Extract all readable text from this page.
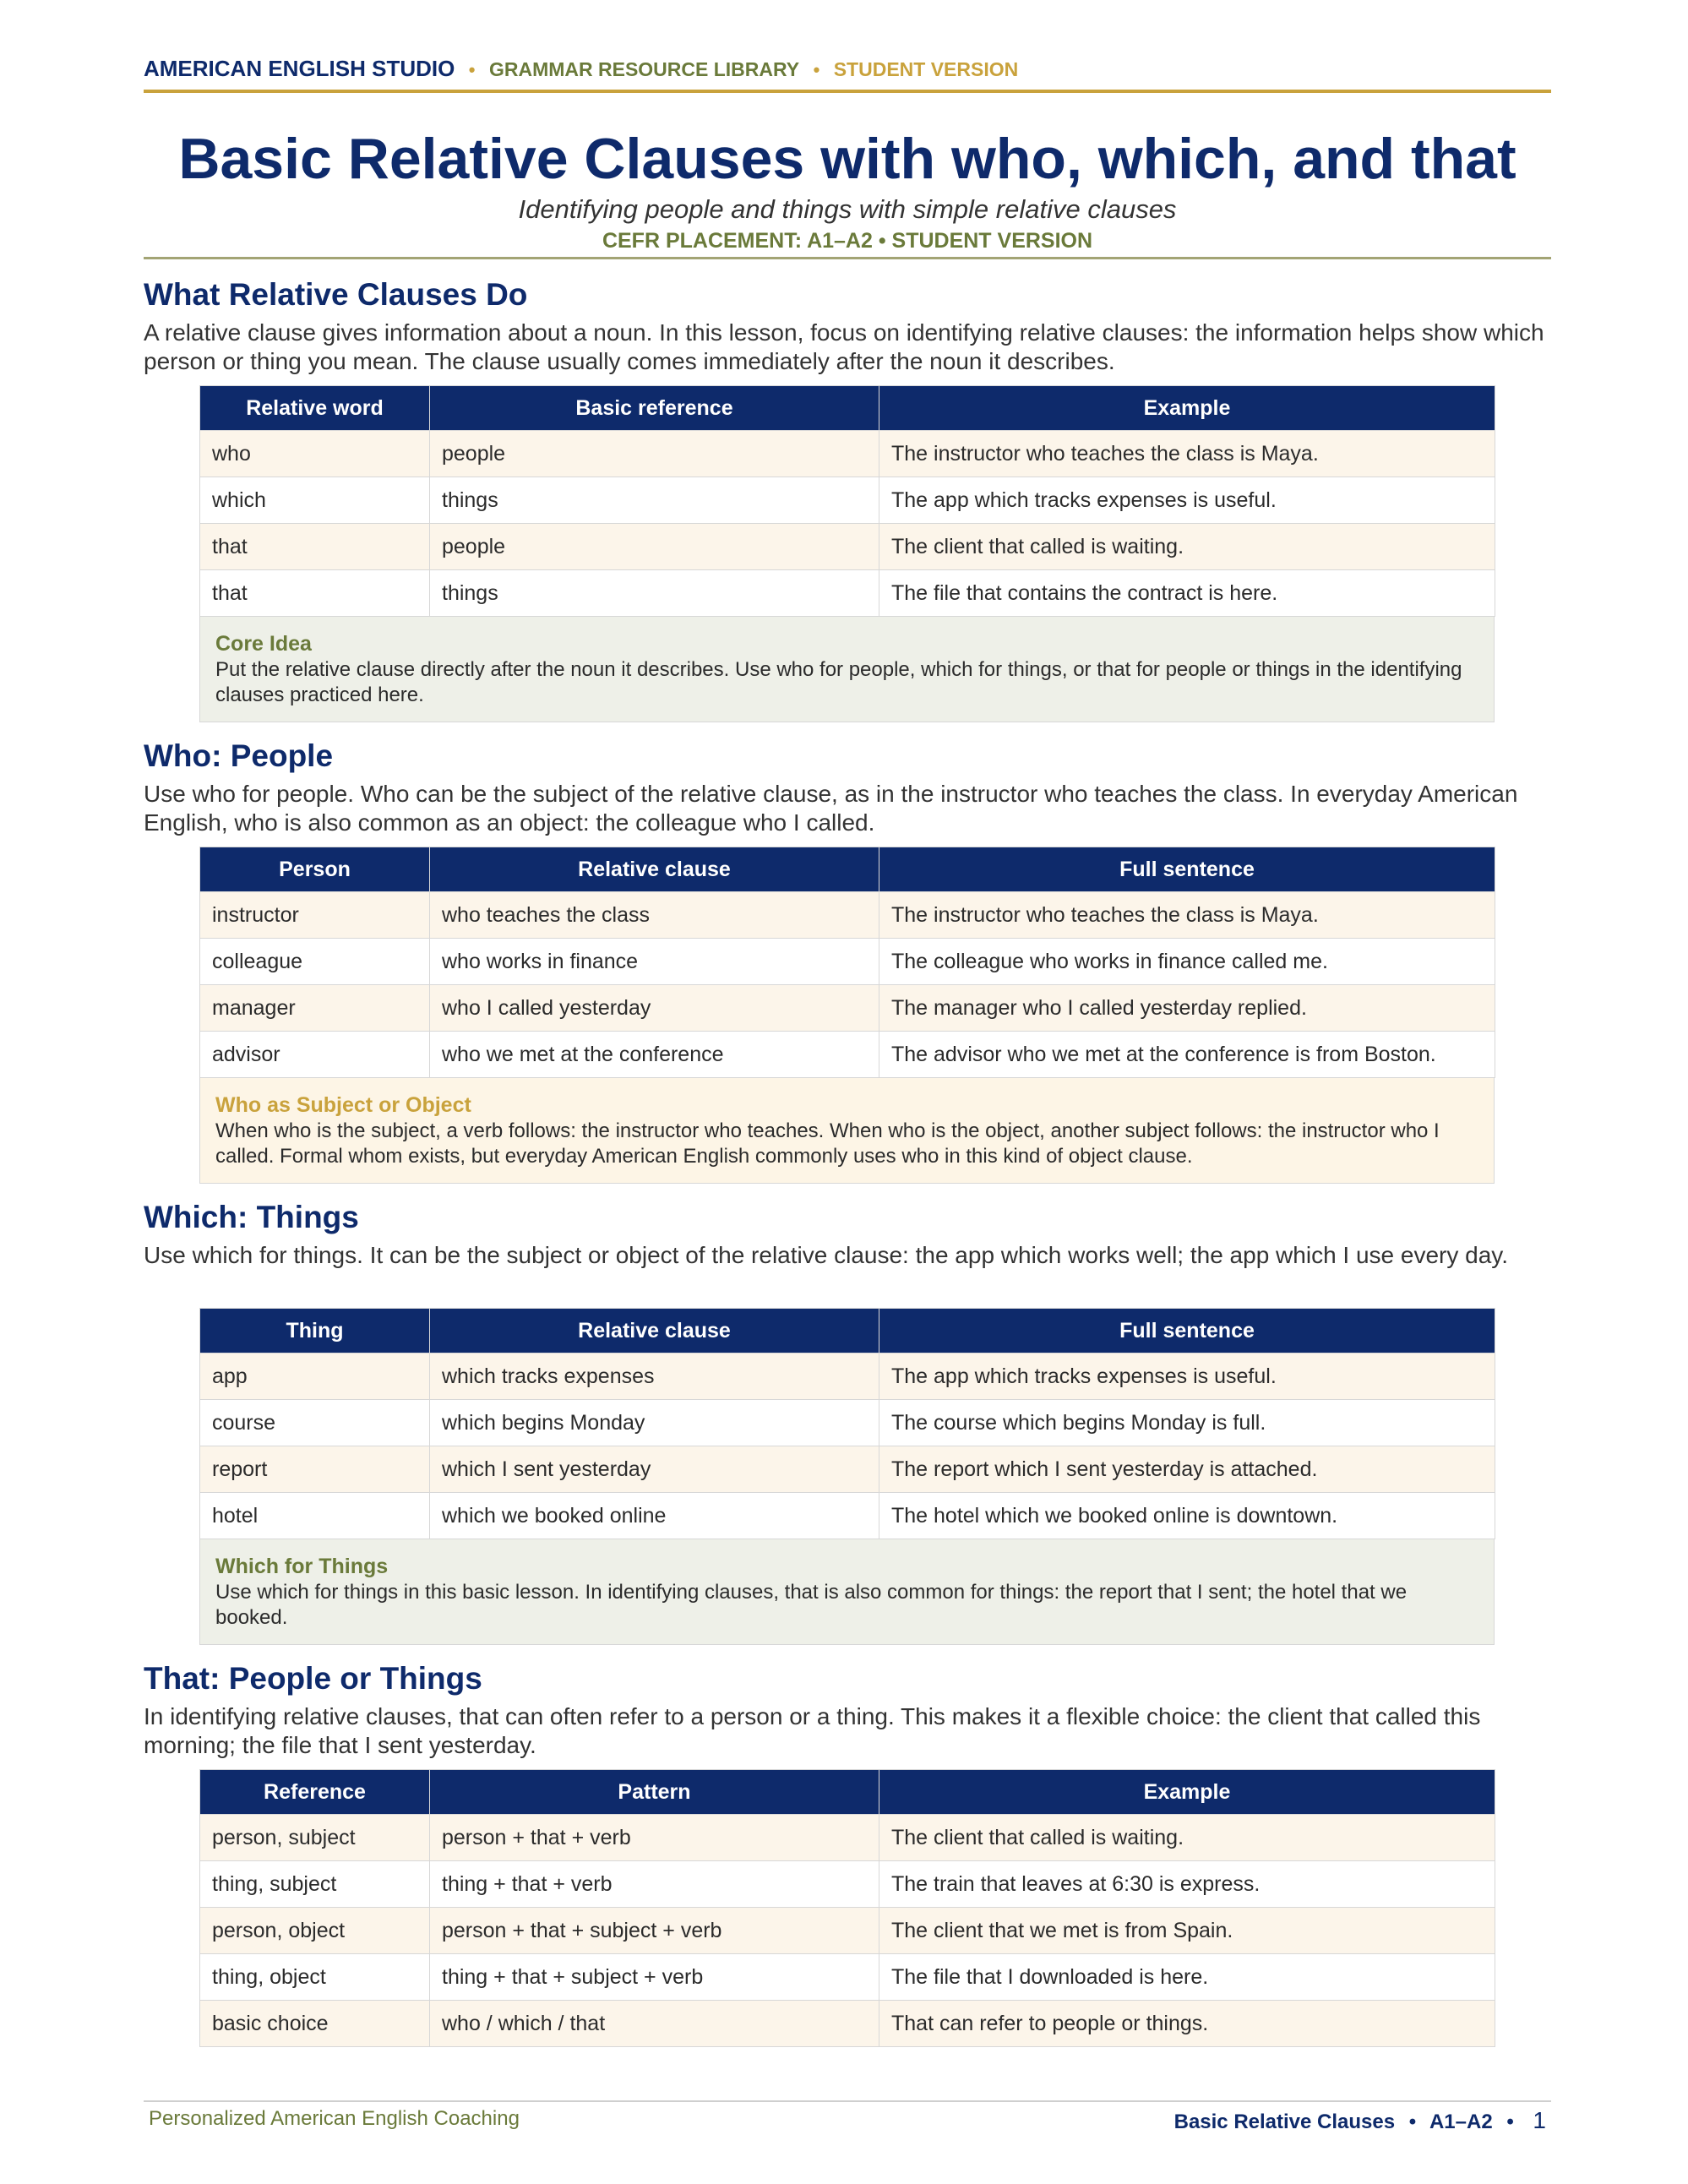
AMERICAN ENGLISH STUDIO • GRAMMAR RESOURCE LIBRARY • STUDENT VERSION
Basic Relative Clauses with who, which, and that
Identifying people and things with simple relative clauses
CEFR PLACEMENT: A1–A2 • STUDENT VERSION
What Relative Clauses Do
A relative clause gives information about a noun. In this lesson, focus on identifying relative clauses: the information helps show which person or thing you mean. The clause usually comes immediately after the noun it describes.
Relative word	Basic reference	Example
who	people	The instructor who teaches the class is Maya.
which	things	The app which tracks expenses is useful.
that	people	The client that called is waiting.
that	things	The file that contains the contract is here.
Core Idea
Put the relative clause directly after the noun it describes. Use who for people, which for things, or that for people or things in the identifying clauses practiced here.
Who: People
Use who for people. Who can be the subject of the relative clause, as in the instructor who teaches the class. In everyday American English, who is also common as an object: the colleague who I called.
Person	Relative clause	Full sentence
instructor	who teaches the class	The instructor who teaches the class is Maya.
colleague	who works in finance	The colleague who works in finance called me.
manager	who I called yesterday	The manager who I called yesterday replied.
advisor	who we met at the conference	The advisor who we met at the conference is from Boston.
Who as Subject or Object
When who is the subject, a verb follows: the instructor who teaches. When who is the object, another subject follows: the instructor who I called. Formal whom exists, but everyday American English commonly uses who in this kind of object clause.
Which: Things
Use which for things. It can be the subject or object of the relative clause: the app which works well; the app which I use every day.
Thing	Relative clause	Full sentence
app	which tracks expenses	The app which tracks expenses is useful.
course	which begins Monday	The course which begins Monday is full.
report	which I sent yesterday	The report which I sent yesterday is attached.
hotel	which we booked online	The hotel which we booked online is downtown.
Which for Things
Use which for things in this basic lesson. In identifying clauses, that is also common for things: the report that I sent; the hotel that we booked.
That: People or Things
In identifying relative clauses, that can often refer to a person or a thing. This makes it a flexible choice: the client that called this morning; the file that I sent yesterday.
Reference	Pattern	Example
person, subject	person + that + verb	The client that called is waiting.
thing, subject	thing + that + verb	The train that leaves at 6:30 is express.
person, object	person + that + subject + verb	The client that we met is from Spain.
thing, object	thing + that + subject + verb	The file that I downloaded is here.
basic choice	who / which / that	That can refer to people or things.
Personalized American English Coaching	Basic Relative Clauses • A1–A2 • 1
